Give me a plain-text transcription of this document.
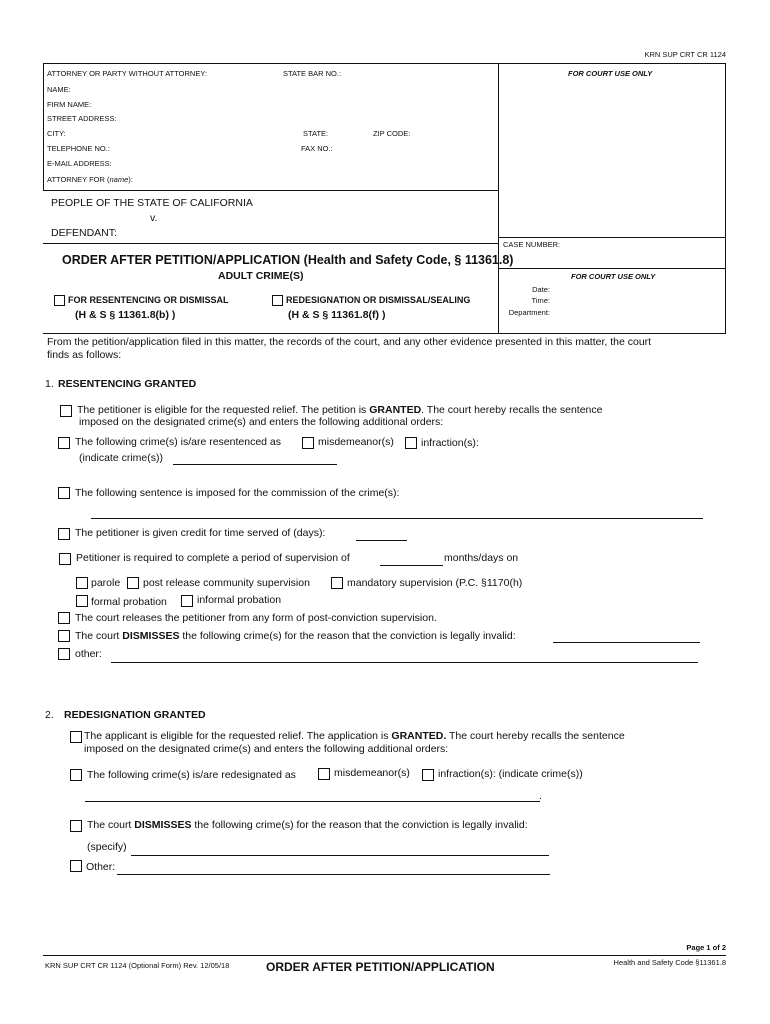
KRN SUP CRT CR 1124
ATTORNEY OR PARTY WITHOUT ATTORNEY:	STATE BAR NO.:	FOR COURT USE ONLY
NAME:
FIRM NAME:
STREET ADDRESS:
CITY:	STATE:	ZIP CODE:
TELEPHONE NO.:	FAX NO.:
E-MAIL ADDRESS:
ATTORNEY FOR (name):
PEOPLE OF THE STATE OF CALIFORNIA
v.
DEFENDANT:
CASE NUMBER:
ORDER AFTER PETITION/APPLICATION (Health and Safety Code, § 11361.8)
ADULT CRIME(S)
FOR RESENTENCING OR DISMISSAL
(H & S § 11361.8(b) )
REDESIGNATION OR DISMISSAL/SEALING
(H & S § 11361.8(f) )
FOR COURT USE ONLY
Date:
Time:
Department:
From the petition/application filed in this matter, the records of the court, and any other evidence presented in this matter, the court
finds as follows:
1. RESENTENCING GRANTED
The petitioner is eligible for the requested relief. The petition is GRANTED. The court hereby recalls the sentence
imposed on the designated crime(s) and enters the following additional orders:
The following crime(s) is/are resentenced as	misdemeanor(s)	infraction(s):
(indicate crime(s))
The following sentence is imposed for the commission of the crime(s):
The petitioner is given credit for time served of (days):
Petitioner is required to complete a period of supervision of	months/days on
parole post release community supervision	mandatory supervision (P.C. §1170(h)
formal probation	informal probation
The court releases the petitioner from any form of post-conviction supervision.
The court DISMISSES the following crime(s) for the reason that the conviction is legally invalid:
other:
2. REDESIGNATION GRANTED
The applicant is eligible for the requested relief. The application is GRANTED. The court hereby recalls the sentence
imposed on the designated crime(s) and enters the following additional orders:
The following crime(s) is/are redesignated as	misdemeanor(s)	infraction(s): (indicate crime(s))
.
The court DISMISSES the following crime(s) for the reason that the conviction is legally invalid:
(specify)
Other:
Page 1 of 2
KRN SUP CRT CR 1124 (Optional Form) Rev. 12/05/18	ORDER AFTER PETITION/APPLICATION	Health and Safety Code §11361.8
